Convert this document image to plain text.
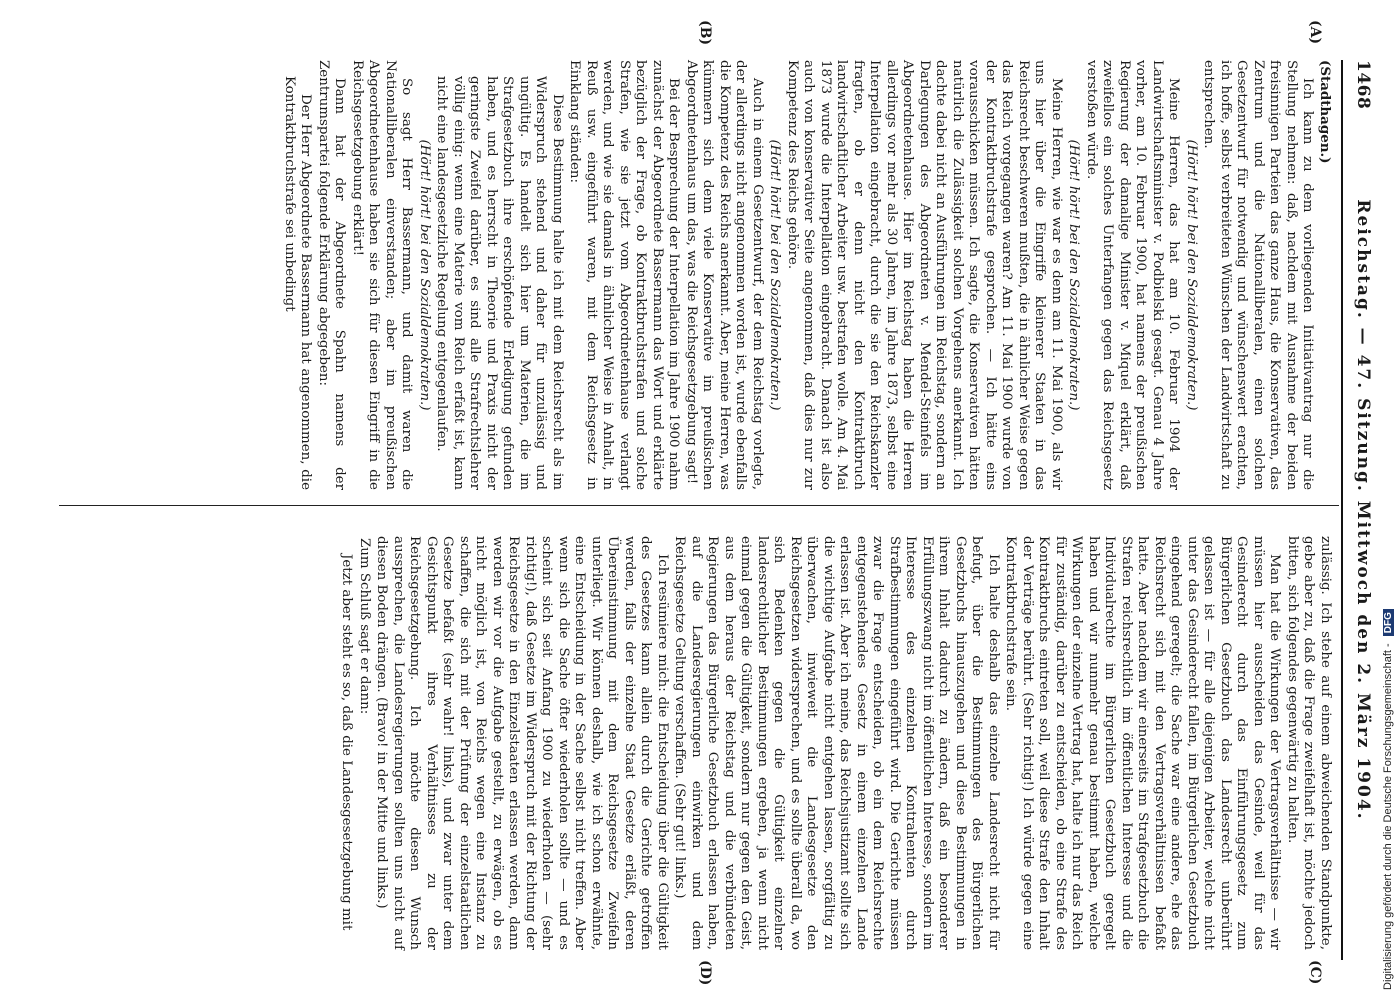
1468
Reichstag. — 47. Sitzung. Mittwoch den 2. März 1904.
(A)
(B)
(C)
(D)

(Stadthagen.)

Ich kann zu dem vorliegenden Initiativantrag nur die Stellung nehmen: daß, nachdem mit Ausnahme der beiden freisinnigen Parteien das ganze Haus, die Konservativen, das Zentrum und die Nationalliberalen, einen solchen Gesetzentwurf für notwendig und wünschenswert erachten, ich hoffe, selbst verbreiteten Wünschen der Landwirtschaft zu entsprechen.

(Hört! hört! bei den Sozialdemokraten.)

Meine Herren, das hat am 10. Februar 1904 der Landwirtschaftsminister v. Podbielski gesagt. Genau 4 Jahre vorher, am 10. Februar 1900, hat namens der preußischen Regierung der damalige Minister v. Miquel erklärt, daß zweifellos ein solches Unterfangen gegen das Reichsgesetz verstoßen würde.

(Hört! hört! bei den Sozialdemokraten.)

Meine Herren, wie war es denn am 11. Mai 1900, als wir uns hier über die Eingriffe kleinerer Staaten in das Reichsrecht beschweren mußten, die in ähnlicher Weise gegen das Reich vorgegangen waren? Am 11. Mai 1900 wurde von der Kontraktbruchstrafe gesprochen. — Ich hätte eins vorausschicken müssen. Ich sagte, die Konservativen hätten natürlich die Zulässigkeit solchen Vorgehens anerkannt. Ich dachte dabei nicht an Ausführungen im Reichstag, sondern an Darlegungen des Abgeordneten v. Mendel-Steinfels im Abgeordnetenhause. Hier im Reichstag haben die Herren allerdings vor mehr als 30 Jahren, im Jahre 1873, selbst eine Interpellation eingebracht, durch die sie den Reichskanzler fragten, ob er denn nicht den Kontraktbruch landwirtschaftlicher Arbeiter usw. bestrafen wolle. Am 4. Mai 1873 wurde die Interpellation eingebracht. Danach ist also auch von konservativer Seite angenommen, daß dies nur zur Kompetenz des Reichs gehöre.

(Hört! hört! bei den Sozialdemokraten.)

Auch in einem Gesetzentwurf, der dem Reichstag vorlegte, der allerdings nicht angenommen worden ist, wurde ebenfalls die Kompetenz des Reichs anerkannt. Aber, meine Herren, was kümmern sich denn viele Konservative im preußischen Abgeordnetenhaus um das, was die Reichsgesetzgebung sagt!

Bei der Besprechung der Interpellation im Jahre 1900 nahm zunächst der Abgeordnete Bassermann das Wort und erklärte bezüglich der Frage, ob Kontraktbruchstrafen und solche Strafen, wie sie jetzt vom Abgeordnetenhause verlangt werden, und wie sie damals in ähnlicher Weise in Anhalt, in Reuß usw. eingeführt waren, mit dem Reichsgesetz in Einklang ständen:

Diese Bestimmung halte ich mit dem Reichsrecht als im Widerspruch stehend und daher für unzulässig und ungültig. Es handelt sich hier um Materien, die im Strafgesetzbuch ihre erschöpfende Erledigung gefunden haben, und es herrscht in Theorie und Praxis nicht der geringste Zweifel darüber, es sind alle Strafrechtslehrer völlig einig: wenn eine Materie vom Reich erfaßt ist, kann nicht eine landesgesetzliche Regelung entgegenlaufen.

(Hört! hört! bei den Sozialdemokraten.)

So sagt Herr Bassermann, und damit waren die Nationalliberalen einverstanden; aber im preußischen Abgeordnetenhause haben sie sich für diesen Eingriff in die Reichsgesetzgebung erklärt!

Dann hat der Abgeordnete Spahn namens der Zentrumspartei folgende Erklärung abgegeben:

Der Herr Abgeordnete Bassermann hat angenommen, die Kontraktbruchstrafe sei unbedingt

zulässig. Ich stehe auf einem abweichenden Standpunkte, gebe aber zu, daß die Frage zweifelhaft ist, möchte jedoch bitten, sich folgendes gegenwärtig zu halten.

Man hat die Wirkungen der Vertragsverhältnisse — wir müssen hier ausscheiden das Gesinde, weil für das Gesinderecht durch das Einführungsgesetz zum Bürgerlichen Gesetzbuch das Landesrecht unberührt gelassen ist — für alle diejenigen Arbeiter, welche nicht unter das Gesinderecht fallen, im Bürgerlichen Gesetzbuch eingehend geregelt; die Sache war eine andere, ehe das Reichsrecht sich mit den Vertragsverhältnissen befaßt hatte. Aber nachdem wir einerseits im Strafgesetzbuch die Strafen reichsrechtlich im öffentlichen Interesse und die Individualrechte im Bürgerlichen Gesetzbuch geregelt haben und wir nunmehr genau bestimmt haben, welche Wirkungen der einzelne Vertrag hat, halte ich nur das Reich für zuständig, darüber zu entscheiden, ob eine Strafe des Kontraktbruchs eintreten soll, weil diese Strafe den Inhalt der Verträge berührt. (Sehr richtig!) Ich würde gegen eine Kontraktbruchstrafe sein.

Ich halte deshalb das einzelne Landesrecht nicht für befugt, über die Bestimmungen des Bürgerlichen Gesetzbuchs hinauszugehen und diese Bestimmungen in ihrem Inhalt dadurch zu ändern, daß ein besonderer Erfüllungszwang nicht im öffentlichen Interesse, sondern im Interesse des einzelnen Kontrahenten durch Strafbestimmungen eingeführt wird. Die Gerichte müssen zwar die Frage entscheiden, ob ein dem Reichsrechte entgegenstehendes Gesetz in einem einzelnen Lande erlassen ist. Aber ich meine, das Reichsjustizamt sollte sich die wichtige Aufgabe nicht entgehen lassen, sorgfältig zu überwachen, inwieweit die Landesgesetze den Reichsgesetzen widersprechen, und es sollte überall da, wo sich Bedenken gegen die Gültigkeit einzelner landesrechtlicher Bestimmungen ergeben, ja wenn nicht einmal gegen die Gültigkeit, sondern nur gegen den Geist, aus dem heraus der Reichstag und die verbündeten Regierungen das Bürgerliche Gesetzbuch erlassen haben, auf die Landesregierungen einwirken und dem Reichsgesetze Geltung verschaffen. (Sehr gut! links.)

Ich resümiere mich: die Entscheidung über die Gültigkeit des Gesetzes kann allein durch die Gerichte getroffen werden, falls der einzelne Staat Gesetze erläßt, deren Übereinstimmung mit dem Reichsgesetze Zweifeln unterliegt. Wir können deshalb, wie ich schon erwähnte, eine Entscheidung in der Sache selbst nicht treffen. Aber wenn sich die Sache öfter wiederholen sollte — und es scheint sich seit Anfang 1900 zu wiederholen — (sehr richtig!), daß Gesetze im Widerspruch mit der Richtung der Reichsgesetze in den Einzelstaaten erlassen werden, dann werden wir vor die Aufgabe gestellt, zu erwägen, ob es nicht möglich ist, von Reichs wegen eine Instanz zu schaffen, die sich mit der Prüfung der einzelstaatlichen Gesetze befaßt (sehr wahr! links), und zwar unter dem Gesichtspunkt ihres Verhältnisses zu der Reichsgesetzgebung. Ich möchte diesen Wunsch aussprechen, die Landesregierungen sollten uns nicht auf diesen Boden drängen. (Bravo! in der Mitte und links.)

Zum Schluß sagt er dann:

Jetzt aber steht es so, daß die Landesgesetzgebung mit	Digitalisierung gefördert durch die Deutsche Forschungsgemeinschaft - DFG
